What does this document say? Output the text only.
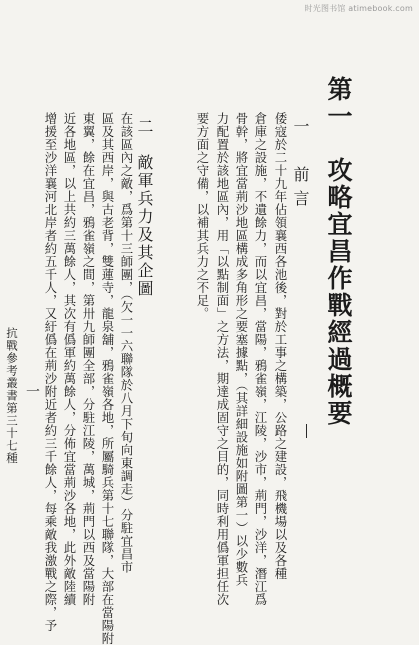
时光图书馆 atimebook.com
第一　攻略宜昌作戰經過概要
一　前言
倭寇於二十九年佔領襄西各池後，對於工事之構築，公路之建設，飛機場以及各種
倉庫之設施，不遺餘力，而以宜昌，當陽，鴉雀嶺，江陵，沙市，荊門，沙洋，潛江爲
骨幹，將宜當荊沙地區構成多角形之要塞據點，（其詳細設施如附圖第一）以少數兵
力配置於該地區內，用「以點制面」之方法，期達成固守之目的，同時利用僞軍担任次
要方面之守備，以補其兵力之不足。
二　敵軍兵力及其企圖
在該區內之敵，爲第十三師團，（欠一一六聯隊於八月下旬向東調走）分駐宜昌市
區及其西岸，與古老背，雙蓮寺，龍泉舖，鴉雀嶺各地，所屬騎兵第十七聯隊，大部在當陽附
東翼，餘在宜昌，鴉雀嶺之間，第卅九師團全部，分駐江陵，萬城，荊門以西及當陽附
近各地區，以上共約三萬餘人，其次有僞軍約萬餘人，分佈宜當荊沙各地，此外敵陸續
增援至沙洋襄河北岸者約五千人，又紆僞在荊沙附近者約三千餘人，每乘敵我激戰之際，予
抗戰參考叢書第三十七種 一
